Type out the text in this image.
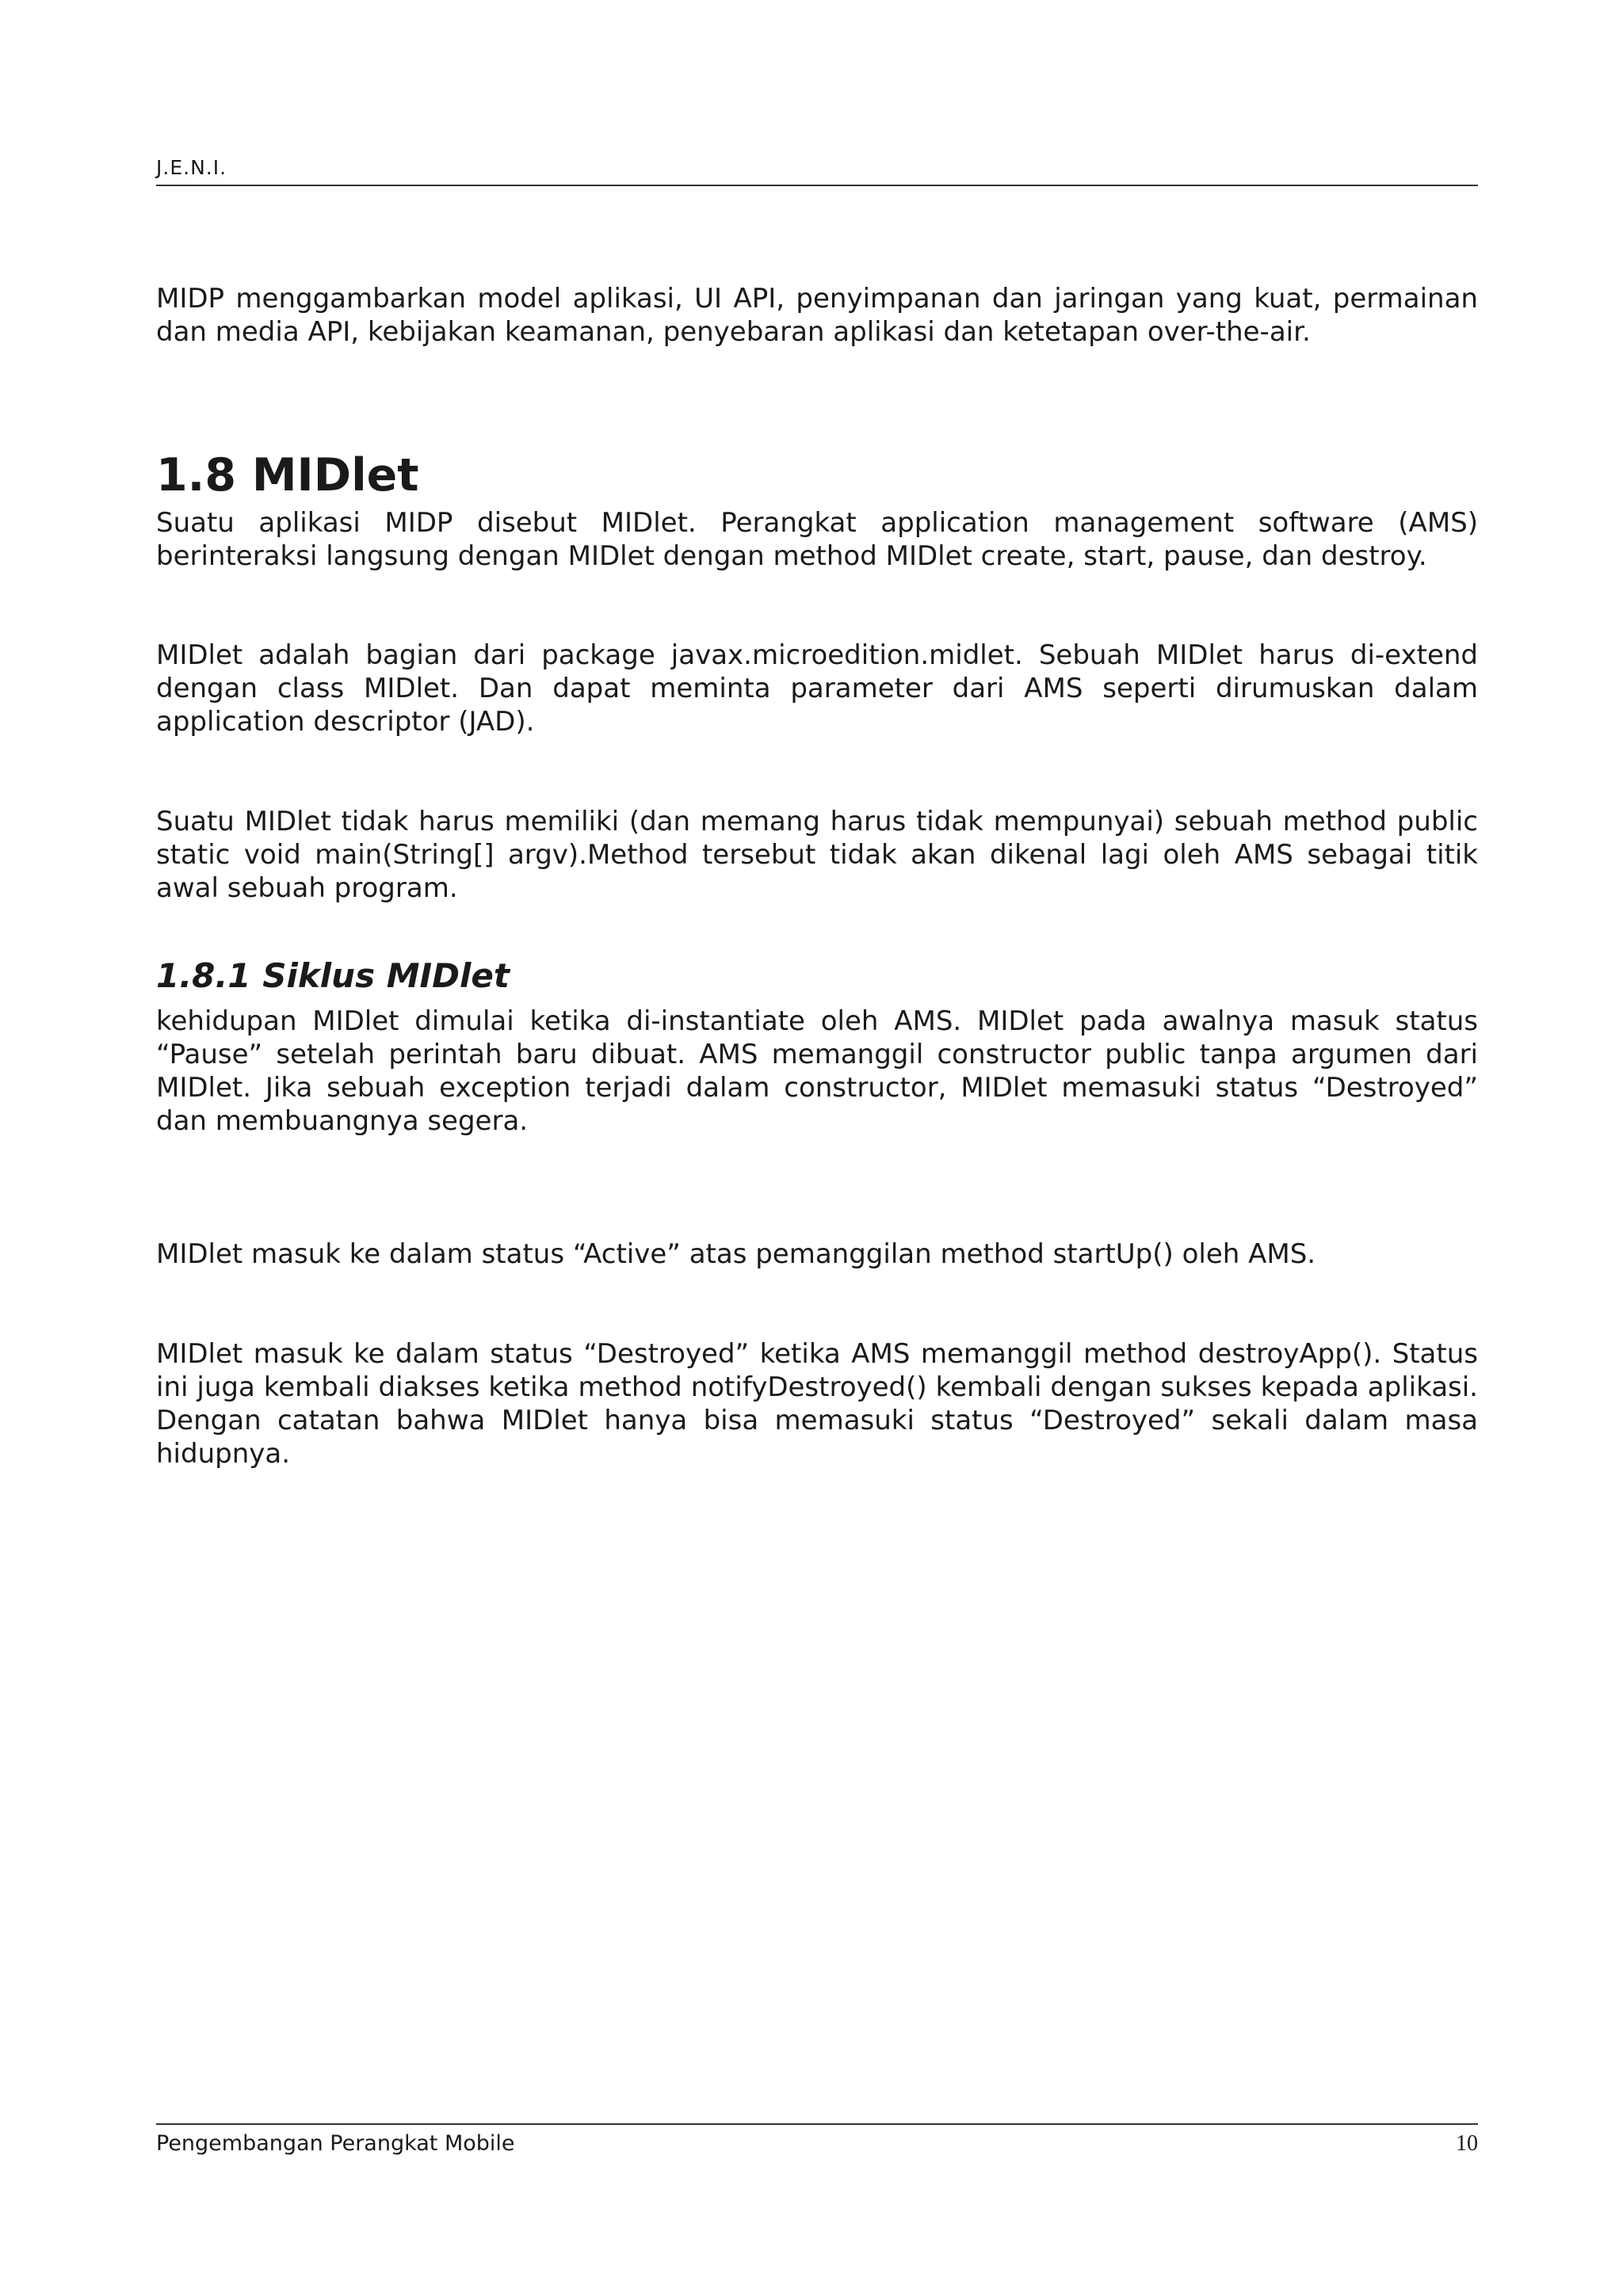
J.E.N.I.

MIDP menggambarkan model aplikasi, UI API, penyimpanan dan jaringan yang kuat, permainan dan media API, kebijakan keamanan, penyebaran aplikasi dan ketetapan over-the-air.

1.8 MIDlet

Suatu aplikasi MIDP disebut MIDlet. Perangkat application management software (AMS) berinteraksi langsung dengan MIDlet dengan method MIDlet create, start, pause, dan destroy.

MIDlet adalah bagian dari package javax.microedition.midlet. Sebuah MIDlet harus di-extend dengan class MIDlet. Dan dapat meminta parameter dari AMS seperti dirumuskan dalam application descriptor (JAD).

Suatu MIDlet tidak harus memiliki (dan memang harus tidak mempunyai) sebuah method public static void main(String[] argv).Method tersebut tidak akan dikenal lagi oleh AMS sebagai titik awal sebuah program.

1.8.1 Siklus MIDlet

kehidupan MIDlet dimulai ketika di-instantiate oleh AMS. MIDlet pada awalnya masuk status “Pause” setelah perintah baru dibuat. AMS memanggil constructor public tanpa argumen dari MIDlet. Jika sebuah exception terjadi dalam constructor, MIDlet memasuki status “Destroyed” dan membuangnya segera.

MIDlet masuk ke dalam status “Active” atas pemanggilan method startUp() oleh AMS.

MIDlet masuk ke dalam status “Destroyed” ketika AMS memanggil method destroyApp(). Status ini juga kembali diakses ketika method notifyDestroyed() kembali dengan sukses kepada aplikasi. Dengan catatan bahwa MIDlet hanya bisa memasuki status “Destroyed” sekali dalam masa hidupnya.

Pengembangan Perangkat Mobile	10
